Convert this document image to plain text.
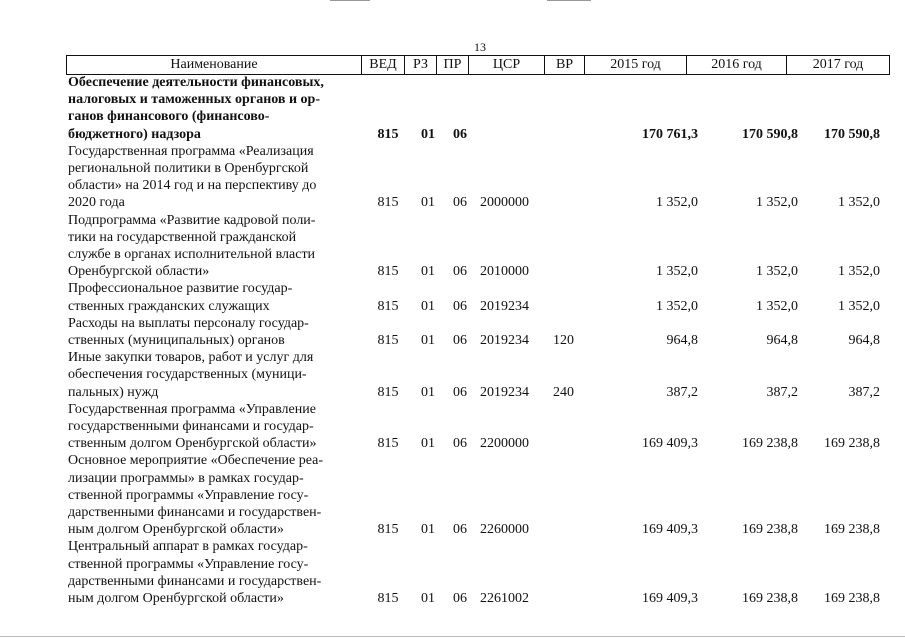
13
Наименование	ВЕД	РЗ	ПР	ЦСР	ВР	2015 год	2016 год	2017 год
Обеспечение деятельности финансовых,
налоговых и таможенных органов и ор-
ганов финансового (финансово-
бюджетного) надзора	815	01	06	170 761,3	170 590,8	170 590,8
Государственная программа «Реализация
региональной политики в Оренбургской
области» на 2014 год и на перспективу до
2020 года	815	01	06 2000000	1 352,0	1 352,0	1 352,0
Подпрограмма «Развитие кадровой поли-
тики на государственной гражданской
службе в органах исполнительной власти
Оренбургской области»	815	01	06 2010000	1 352,0	1 352,0	1 352,0
Профессиональное развитие государ-
ственных гражданских служащих	815	01	06 2019234	1 352,0	1 352,0	1 352,0
Расходы на выплаты персоналу государ-
ственных (муниципальных) органов	815	01	06 2019234	120	964,8	964,8	964,8
Иные закупки товаров, работ и услуг для
обеспечения государственных (муници-
пальных) нужд	815	01	06 2019234	240	387,2	387,2	387,2
Государственная программа «Управление
государственными финансами и государ-
ственным долгом Оренбургской области»	815	01	06 2200000	169 409,3	169 238,8	169 238,8
Основное мероприятие «Обеспечение реа-
лизации программы» в рамках государ-
ственной программы «Управление госу-
дарственными финансами и государствен-
ным долгом Оренбургской области»	815	01	06 2260000	169 409,3	169 238,8	169 238,8
Центральный аппарат в рамках государ-
ственной программы «Управление госу-
дарственными финансами и государствен-
ным долгом Оренбургской области»	815	01	06 2261002	169 409,3	169 238,8	169 238,8
